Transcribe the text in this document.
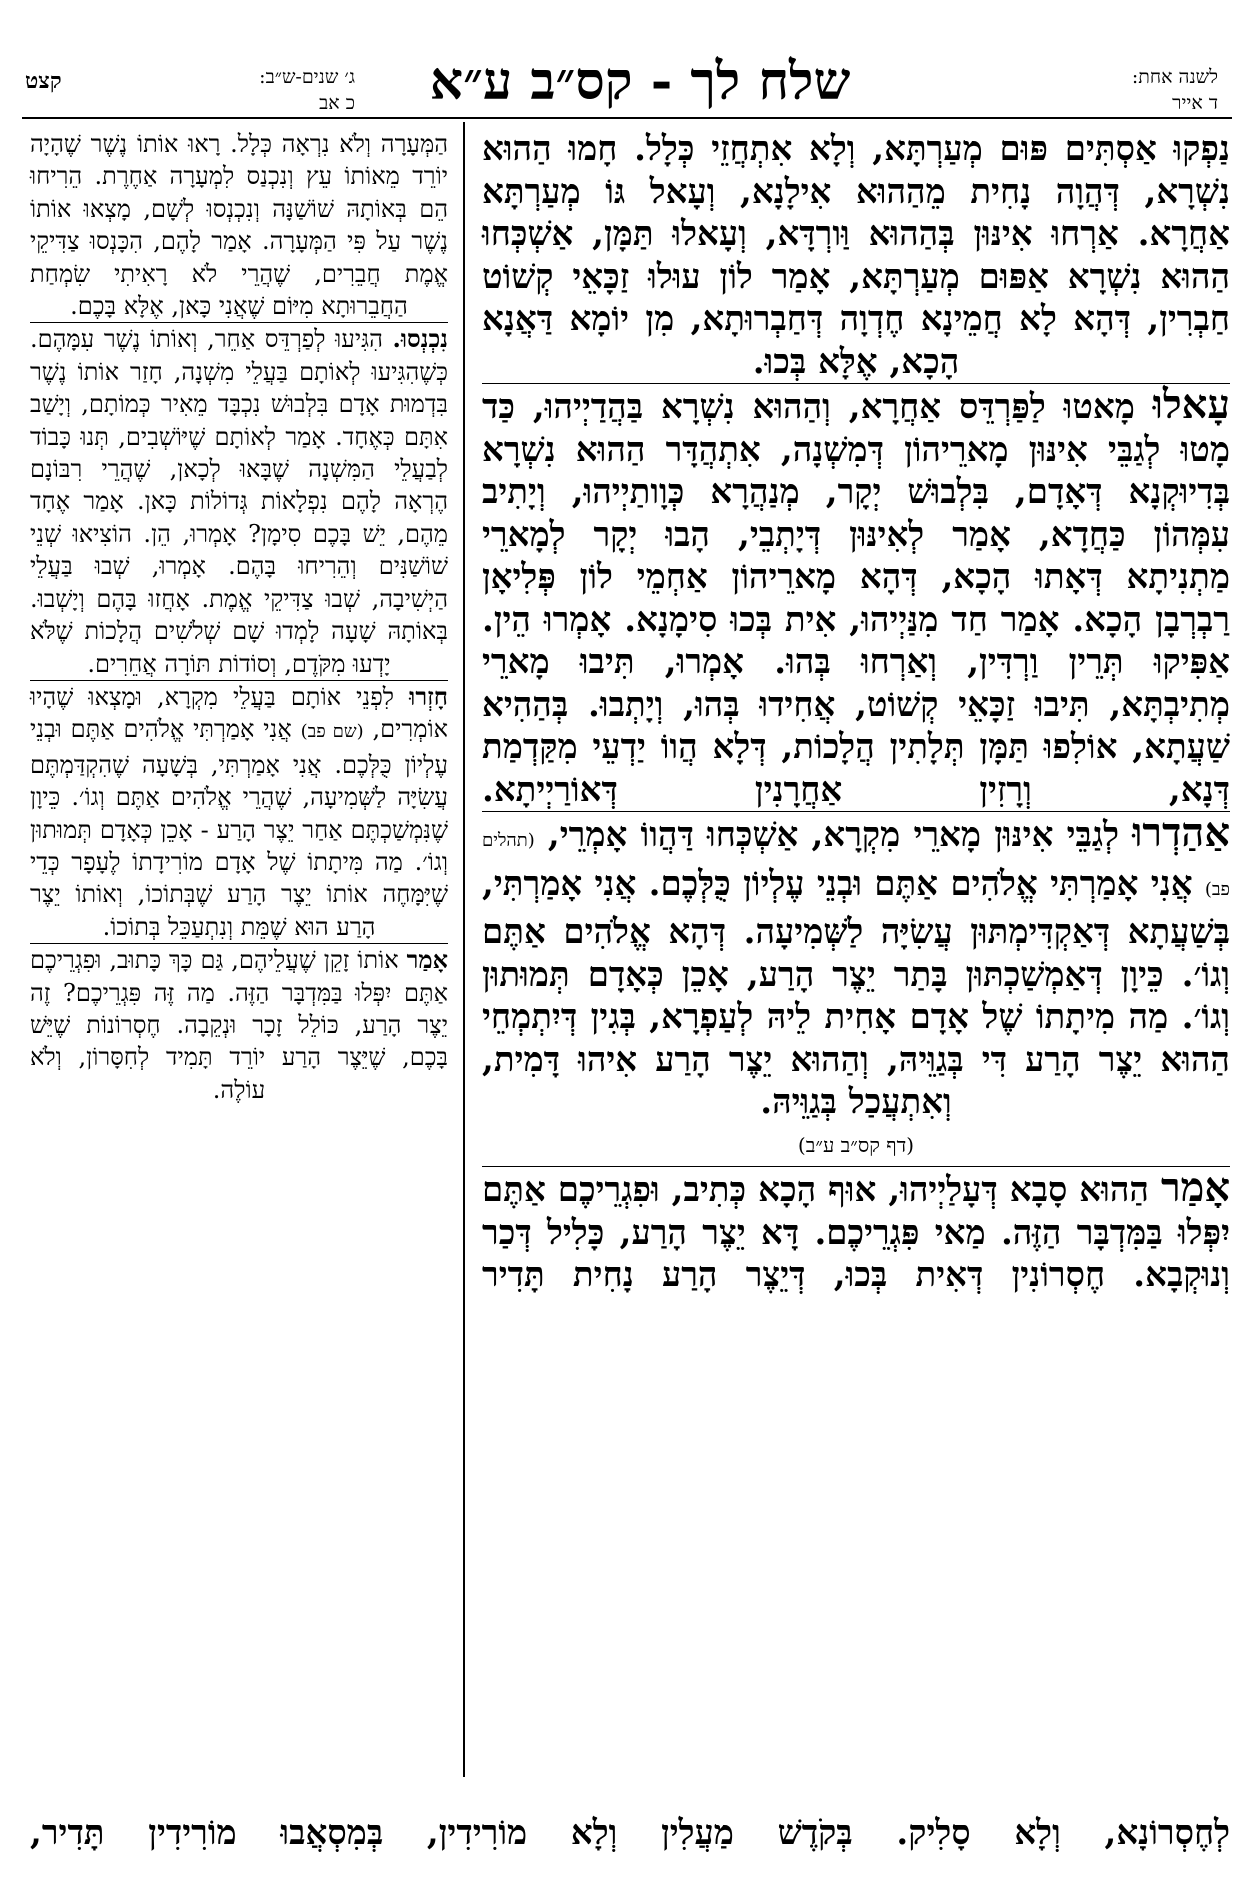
קצט	ג׳ שנים-ש״ב:
כ אב שלח לך - קס״ב ע״א	לשנה אחת:
ד אייר

נַפְקוּ אַסְתִּים פּוּם מְעַרְתָּא, וְלָא אִתְחֲזֵי כְּלָל. חָמוּ הַהוּא נִשְׁרָא, דְּהֲוָה נָחִית מֵהַהוּא אִילָנָא, וְעָאל גּוֹ מְעַרְתָּא אַחֲרָא. אַרְחוּ אִינּוּן בְּהַהוּא וַּורְדָּא, וְעָאלוּ תַּמָּן, אַשְׁכְּחוּ הַהוּא נִשְׁרָא אַפּוּם מְעַרְתָּא, אָמַר לוֹן עוּלוּ זַכָּאֵי קְשׁוֹט חַבְרִין, דְּהָא לָא חֲמֵינָא חֶדְוָה דְּחַבְרוּתָא, מִן יוֹמָא דַּאֲנָא הָכָא, אֶלָּא בְּכוּ.

עָאלוּ מָאטוּ לַפַּרְדֵּס אַחֲרָא, וְהַהוּא נִשְׁרָא בַּהֲדַיְיהוּ, כַּד מָטוּ לְגַבֵּי אִינּוּן מָארֵיהוֹן דְּמִשְׁנָה, אִתְהֲדָּר הַהוּא נִשְׁרָא בְּדִיוּקְנָא דְּאָדָם, בִּלְבוּשׁ יְקָר, מְנַהֲרָא כְּוָותַיְיהוּ, וְיָתִיב עִמְּהוֹן כַּחֲדָא, אָמַר לְאִינּוּן דְּיָתְבֵי, הָבוּ יְקָר לְמָארֵי מַתְנִיתָא דְּאָתוּ הָכָא, דְּהָא מָארֵיהוֹן אַחְמֵי לוֹן פְּלִיאָן רַבְרְבָן הָכָא. אָמַר חַד מִנַּיְיהוּ, אִית בְּכוּ סִימָנָא. אָמְרוּ הֵין. אַפִּיקוּ תְּרֵין וַרְדִּין, וְאַרְחוּ בְּהוּ. אָמְרוּ, תִּיבוּ מָארֵי מְתִיבְתָּא, תִּיבוּ זַכָּאֵי קְשׁוֹט, אֲחִידוּ בְּהוּ, וְיָתְבוּ. בְּהַהִיא שַׁעֲתָא, אוֹלִפוּ תַּמָּן תְּלָתִין הֲלָכוֹת, דְּלָא הֲווֹ יַדְעֵי מִקַּדְמַת דְּנָא, וְרָזִין אַחֲרָנִין דְּאוֹרַיְיתָא.

אַהַדְרוּ לְגַבֵּי אִינּוּן מָארֵי מִקְרָא, אַשְׁכְּחוּ דַּהֲווֹ אָמְרֵי, (תהלים פב) אֲנִי אָמַרְתִּי אֱלֹהִים אַתֶּם וּבְנֵי עֶלְיוֹן כֻּלְּכֶם. אֲנִי אָמַרְתִּי, בְּשַׁעֲתָא דְּאַקְדִּימְתּוּן עֲשִׂיָּה לַשְּׁמִיעָה. דְּהָא אֱלֹהִים אַתֶּם וְגוֹ׳. כֵּיוָן דְּאַמְשַׁכְתּוּן בָּתַר יֵצֶר הָרַע, אָכֵן כְּאָדָם תְּמוּתוּן וְגוֹ׳. מַה מִיתָתוֹ שֶׁל אָדָם אָחִית לֵיהּ לְעַפְרָא, בְּגִין דְּיִתְמְחֵי הַהוּא יֵצֶר הָרַע דִּי בְּגַוֵּיהּ, וְהַהוּא יֵצֶר הָרַע אִיהוּ דָּמִית, וְאִתְעֲכַל בְּגַוֵּיהּ.
(דף קס״ב ע״ב)

אָמַר הַהוּא סָבָא דְּעָלַיְיהוּ, אוּף הָכָא כְּתִיב, וּפִגְרֵיכֶם אַתֶּם יִפְּלוּ בַּמִּדְבָּר הַזֶּה. מַאי פִּגְרֵיכֶם. דָּא יֵצֶר הָרַע, כָּלִיל דְּכַר וְנוּקְבָא. חֶסְרוֹנִין דְּאִית בְּכוּ, דְּיֵצֶר הָרַע נָחִית תָּדִיר

הַמְּעָרָה וְלֹא נִרְאָה כְּלָל. רָאוּ אוֹתוֹ נֶשֶׁר שֶׁהָיָה יוֹרֵד מֵאוֹתוֹ עֵץ וְנִכְנַס לִמְעָרָה אַחֶרֶת. הֵרִיחוּ הֵם בְּאוֹתָהּ שׁוֹשַׁנָּה וְנִכְנְסוּ לְשָׁם, מָצְאוּ אוֹתוֹ נֶשֶׁר עַל פִּי הַמְּעָרָה. אָמַר לָהֶם, הִכָּנְסוּ צַדִּיקֵי אֱמֶת חֲבֵרִים, שֶׁהֲרֵי לֹא רָאִיתִי שִׂמְחַת הַחֲבֵרוּתָא מִיּוֹם שֶׁאֲנִי כָּאן, אֶלָּא בָּכֶם.

נִכְנְסוּ. הִגִּיעוּ לְפַרְדֵּס אַחֵר, וְאוֹתוֹ נֶשֶׁר עִמָּהֶם. כְּשֶׁהִגִּיעוּ לְאוֹתָם בַּעֲלֵי מִשְׁנָה, חָזַר אוֹתוֹ נֶשֶׁר בִּדְמוּת אָדָם בִּלְבוּשׁ נִכְבָּד מֵאִיר כְּמוֹתָם, וְיָשַׁב אִתָּם כְּאֶחָד. אָמַר לְאוֹתָם שֶׁיּוֹשְׁבִים, תְּנוּ כָּבוֹד לְבַעֲלֵי הַמִּשְׁנָה שֶׁבָּאוּ לְכָאן, שֶׁהֲרֵי רִבּוֹנָם הֶרְאָה לָהֶם נִפְלָאוֹת גְּדוֹלוֹת כָּאן. אָמַר אֶחָד מֵהֶם, יֵשׁ בָּכֶם סִימָן? אָמְרוּ, הֵן. הוֹצִיאוּ שְׁנֵי שׁוֹשַׁנִּים וְהֵרִיחוּ בָּהֶם. אָמְרוּ, שְׁבוּ בַּעֲלֵי הַיְשִׁיבָה, שְׁבוּ צַדִּיקֵי אֱמֶת. אָחֲזוּ בָּהֶם וְיָשְׁבוּ. בְּאוֹתָהּ שָׁעָה לָמְדוּ שָׁם שְׁלֹשִׁים הֲלָכוֹת שֶׁלֹּא יָדְעוּ מִקֹּדֶם, וְסוֹדוֹת תּוֹרָה אֲחֵרִים.

חָזְרוּ לִפְנֵי אוֹתָם בַּעֲלֵי מִקְרָא, וּמָצְאוּ שֶׁהָיוּ אוֹמְרִים, (שם פב) אֲנִי אָמַרְתִּי אֱלֹהִים אַתֶּם וּבְנֵי עֶלְיוֹן כֻּלְּכֶם. אֲנִי אָמַרְתִּי, בְּשָׁעָה שֶׁהִקְדַּמְתֶּם עֲשִׂיָּה לַשְּׁמִיעָה, שֶׁהֲרֵי אֱלֹהִים אַתֶּם וְגוֹ׳. כֵּיוָן שֶׁנִּמְשַׁכְתֶּם אַחַר יֵצֶר הָרַע - אָכֵן כְּאָדָם תְּמוּתוּן וְגוֹ׳. מַה מִּיתָתוֹ שֶׁל אָדָם מוֹרִידָתוֹ לֶעָפָר כְּדֵי שֶׁיִּמָּחֶה אוֹתוֹ יֵצֶר הָרַע שֶׁבְּתוֹכוֹ, וְאוֹתוֹ יֵצֶר הָרַע הוּא שֶׁמֵּת וְנִתְעַכֵּל בְּתוֹכוֹ.

אָמַר אוֹתוֹ זָקֵן שֶׁעֲלֵיהֶם, גַּם כָּךְ כָּתוּב, וּפִגְרֵיכֶם אַתֶּם יִפְּלוּ בַּמִּדְבָּר הַזֶּה. מַה זֶּה פִּגְרֵיכֶם? זֶה יֵצֶר הָרַע, כּוֹלֵל זָכָר וּנְקֵבָה. חֶסְרוֹנוֹת שֶׁיֵּשׁ בָּכֶם, שֶׁיֵּצֶר הָרַע יוֹרֵד תָּמִיד לְחִסָּרוֹן, וְלֹא עוֹלֶה.

לְחֶסְרוֹנָא, וְלָא סָלִיק. בְּקֹדֶשׁ מַעֲלִין וְלָא מוֹרִידִין, בְּמִסְאֲבוּ מוֹרִידִין תָּדִיר,
